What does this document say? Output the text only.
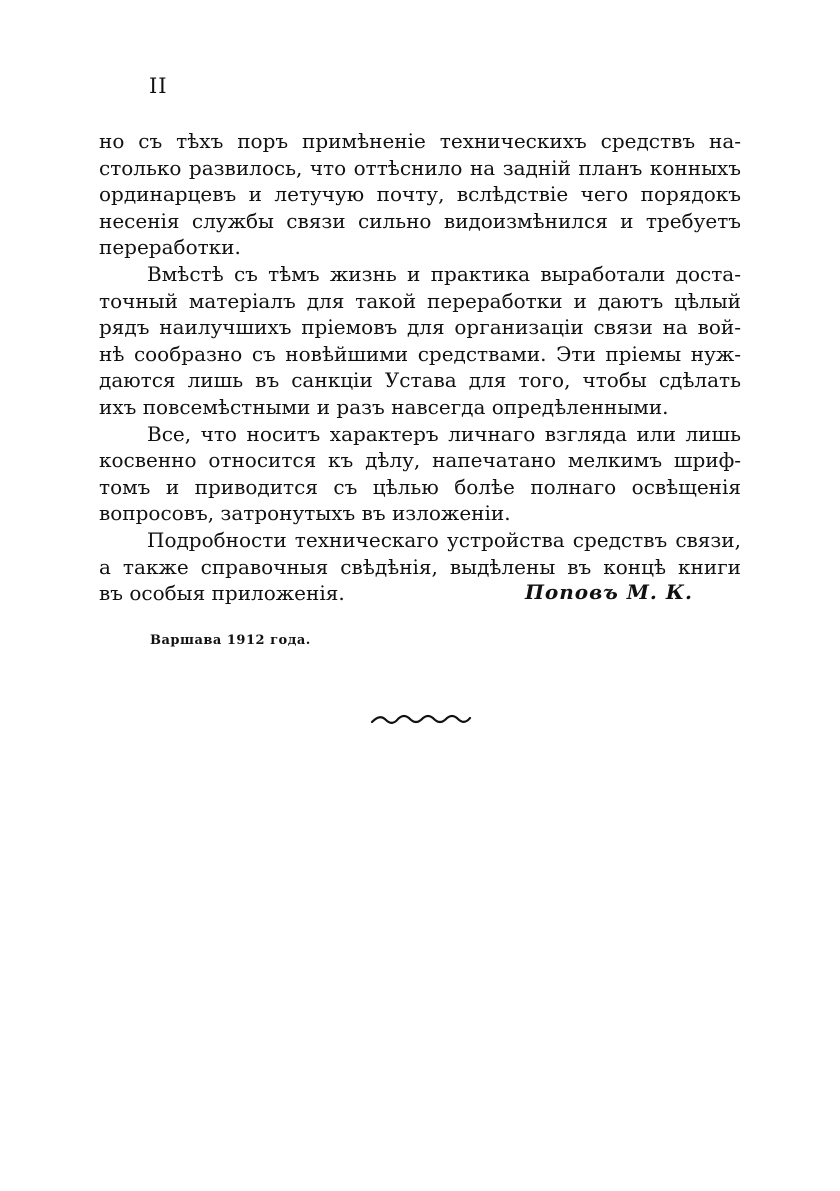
II
но съ тѣхъ поръ примѣненіе техническихъ средствъ на-
столько развилось, что оттѣснило на задній планъ конныхъ
ординарцевъ и летучую почту, вслѣдствіе чего порядокъ
несенія службы связи сильно видоизмѣнился и требуетъ
переработки.
Вмѣстѣ съ тѣмъ жизнь и практика выработали доста-
точный матеріалъ для такой переработки и даютъ цѣлый
рядъ наилучшихъ пріемовъ для организаціи связи на вой-
нѣ сообразно съ новѣйшими средствами. Эти пріемы нуж-
даются лишь въ санкціи Устава для того, чтобы сдѣлать
ихъ повсемѣстными и разъ навсегда опредѣленными.
Все, что носитъ характеръ личнаго взгляда или лишь
косвенно относится къ дѣлу, напечатано мелкимъ шриф-
томъ и приводится съ цѣлью болѣе полнаго освѣщенія
вопросовъ, затронутыхъ въ изложеніи.
Подробности техническаго устройства средствъ связи,
а также справочныя свѣдѣнія, выдѣлены въ концѣ книги
въ особыя приложенія.	Поповъ М. К.
Варшава 1912 года.
